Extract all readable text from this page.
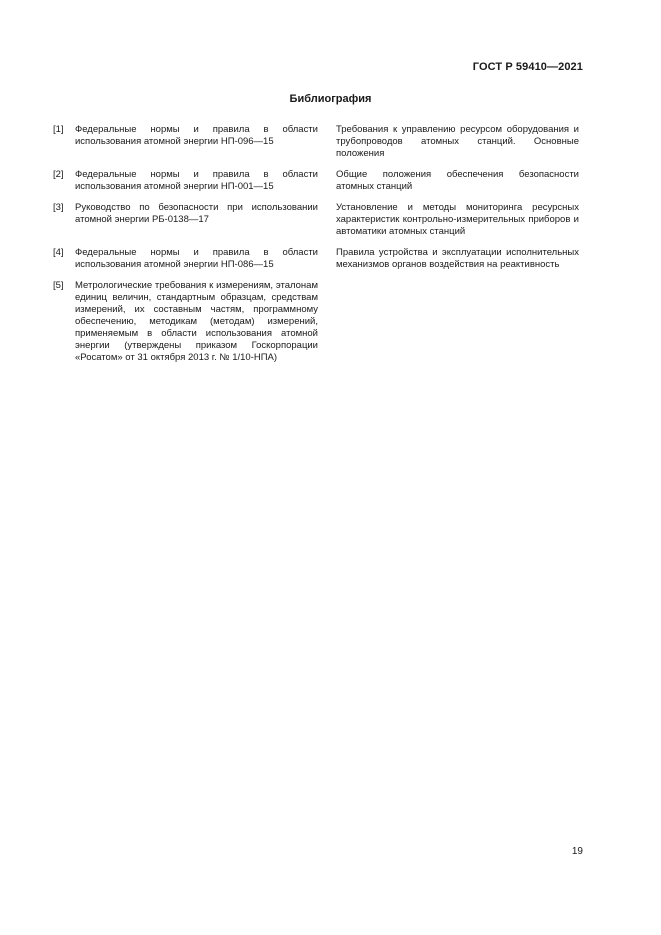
ГОСТ Р 59410—2021
Библиография
[1]	Федеральные нормы и правила в области использования атомной энергии НП-096—15
Требования к управлению ресурсом оборудования и трубопроводов атомных станций. Основные положения
[2]	Федеральные нормы и правила в области использования атомной энергии НП-001—15
Общие положения обеспечения безопасности атомных станций
[3]	Руководство по безопасности при использовании атомной энергии РБ-0138—17
Установление и методы мониторинга ресурсных характеристик контрольно-измерительных приборов и автоматики атомных станций
[4]	Федеральные нормы и правила в области использования атомной энергии НП-086—15
Правила устройства и эксплуатации исполнительных механизмов органов воздействия на реактивность
[5]	Метрологические требования к измерениям, эталонам единиц величин, стандартным образцам, средствам измерений, их составным частям, программному обеспечению, методикам (методам) измерений, применяемым в области использования атомной энергии (утверждены приказом Госкорпорации «Росатом» от 31 октября 2013 г. № 1/10-НПА)
19
